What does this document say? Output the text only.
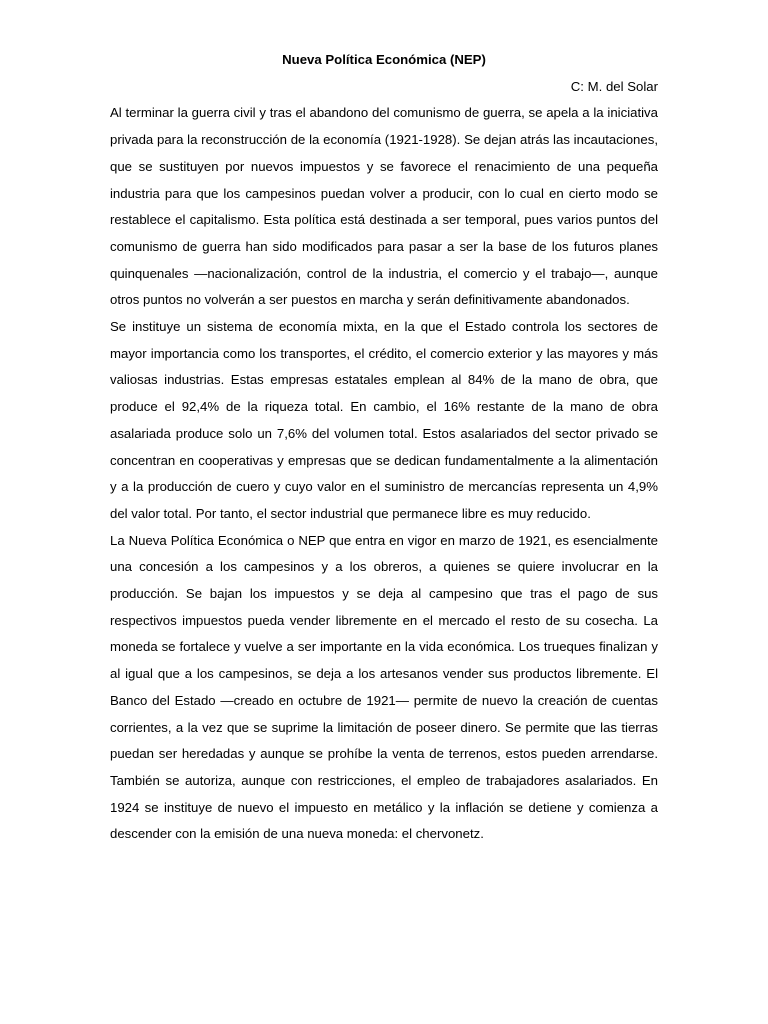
Nueva Política Económica (NEP)

C: M. del Solar

Al terminar la guerra civil y tras el abandono del comunismo de guerra, se apela a la iniciativa privada para la reconstrucción de la economía (1921-1928). Se dejan atrás las incautaciones, que se sustituyen por nuevos impuestos y se favorece el renacimiento de una pequeña industria para que los campesinos puedan volver a producir, con lo cual en cierto modo se restablece el capitalismo. Esta política está destinada a ser temporal, pues varios puntos del comunismo de guerra han sido modificados para pasar a ser la base de los futuros planes quinquenales —nacionalización, control de la industria, el comercio y el trabajo—, aunque otros puntos no volverán a ser puestos en marcha y serán definitivamente abandonados.

Se instituye un sistema de economía mixta, en la que el Estado controla los sectores de mayor importancia como los transportes, el crédito, el comercio exterior y las mayores y más valiosas industrias. Estas empresas estatales emplean al 84% de la mano de obra, que produce el 92,4% de la riqueza total. En cambio, el 16% restante de la mano de obra asalariada produce solo un 7,6% del volumen total. Estos asalariados del sector privado se concentran en cooperativas y empresas que se dedican fundamentalmente a la alimentación y a la producción de cuero y cuyo valor en el suministro de mercancías representa un 4,9% del valor total. Por tanto, el sector industrial que permanece libre es muy reducido.

La Nueva Política Económica o NEP que entra en vigor en marzo de 1921, es esencialmente una concesión a los campesinos y a los obreros, a quienes se quiere involucrar en la producción. Se bajan los impuestos y se deja al campesino que tras el pago de sus respectivos impuestos pueda vender libremente en el mercado el resto de su cosecha. La moneda se fortalece y vuelve a ser importante en la vida económica. Los trueques finalizan y al igual que a los campesinos, se deja a los artesanos vender sus productos libremente. El Banco del Estado —creado en octubre de 1921— permite de nuevo la creación de cuentas corrientes, a la vez que se suprime la limitación de poseer dinero. Se permite que las tierras puedan ser heredadas y aunque se prohíbe la venta de terrenos, estos pueden arrendarse. También se autoriza, aunque con restricciones, el empleo de trabajadores asalariados. En 1924 se instituye de nuevo el impuesto en metálico y la inflación se detiene y comienza a descender con la emisión de una nueva moneda: el chervonetz.
